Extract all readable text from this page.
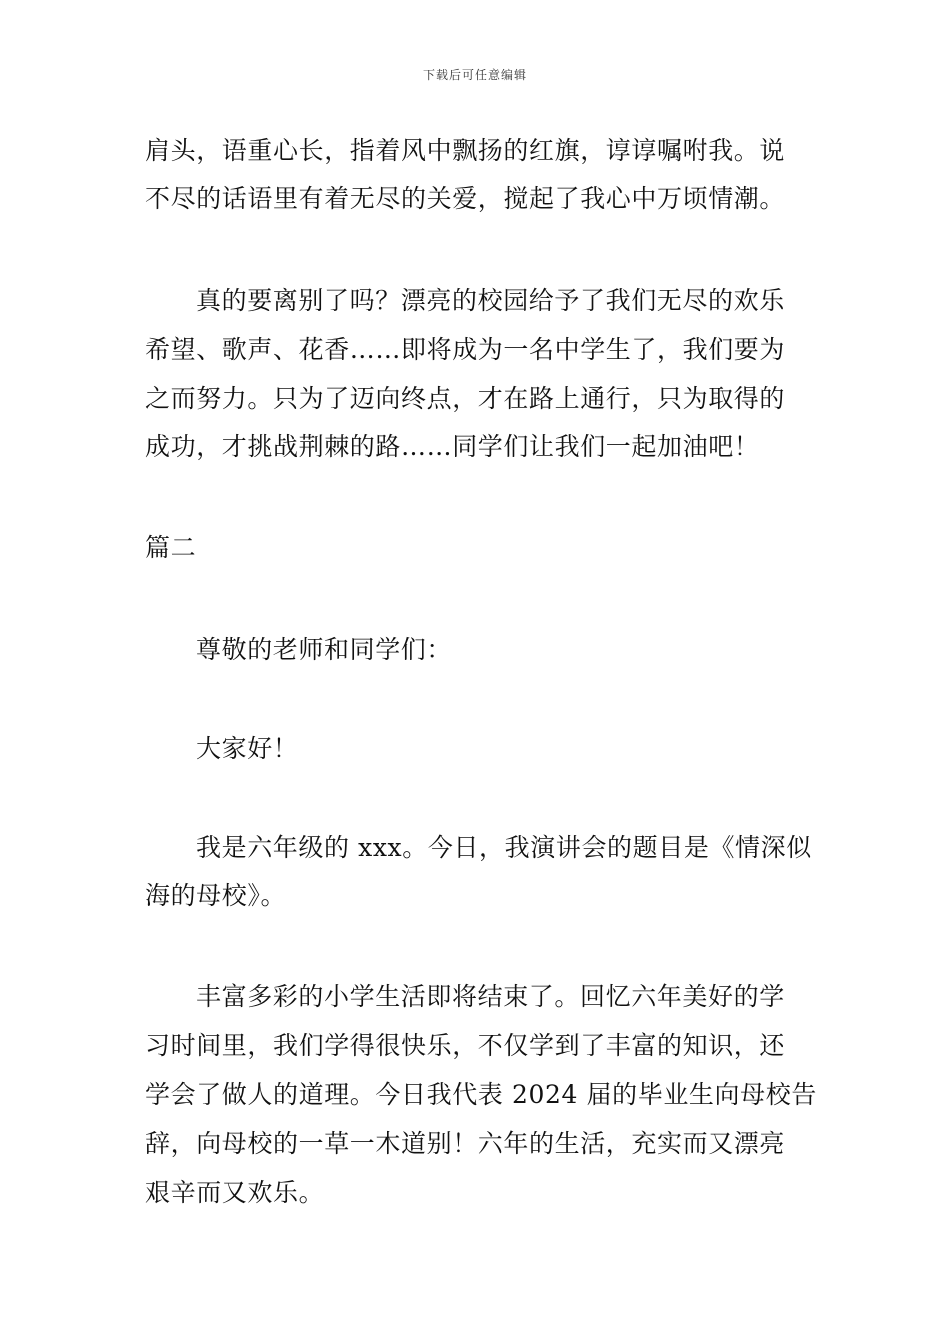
下载后可任意编辑
肩头，语重心长，指着风中飘扬的红旗，谆谆嘱咐我。说
不尽的话语里有着无尽的关爱，搅起了我心中万顷情潮。
真的要离别了吗？漂亮的校园给予了我们无尽的欢乐
希望、歌声、花香……即将成为一名中学生了，我们要为
之而努力。只为了迈向终点，才在路上通行，只为取得的
成功，才挑战荆棘的路……同学们让我们一起加油吧！
篇二
尊敬的老师和同学们：
大家好！
我是六年级的 xxx。今日，我演讲会的题目是《情深似
海的母校》。
丰富多彩的小学生活即将结束了。回忆六年美好的学
习时间里，我们学得很快乐，不仅学到了丰富的知识，还
学会了做人的道理。今日我代表 2024 届的毕业生向母校告
辞，向母校的一草一木道别！六年的生活，充实而又漂亮
艰辛而又欢乐。
